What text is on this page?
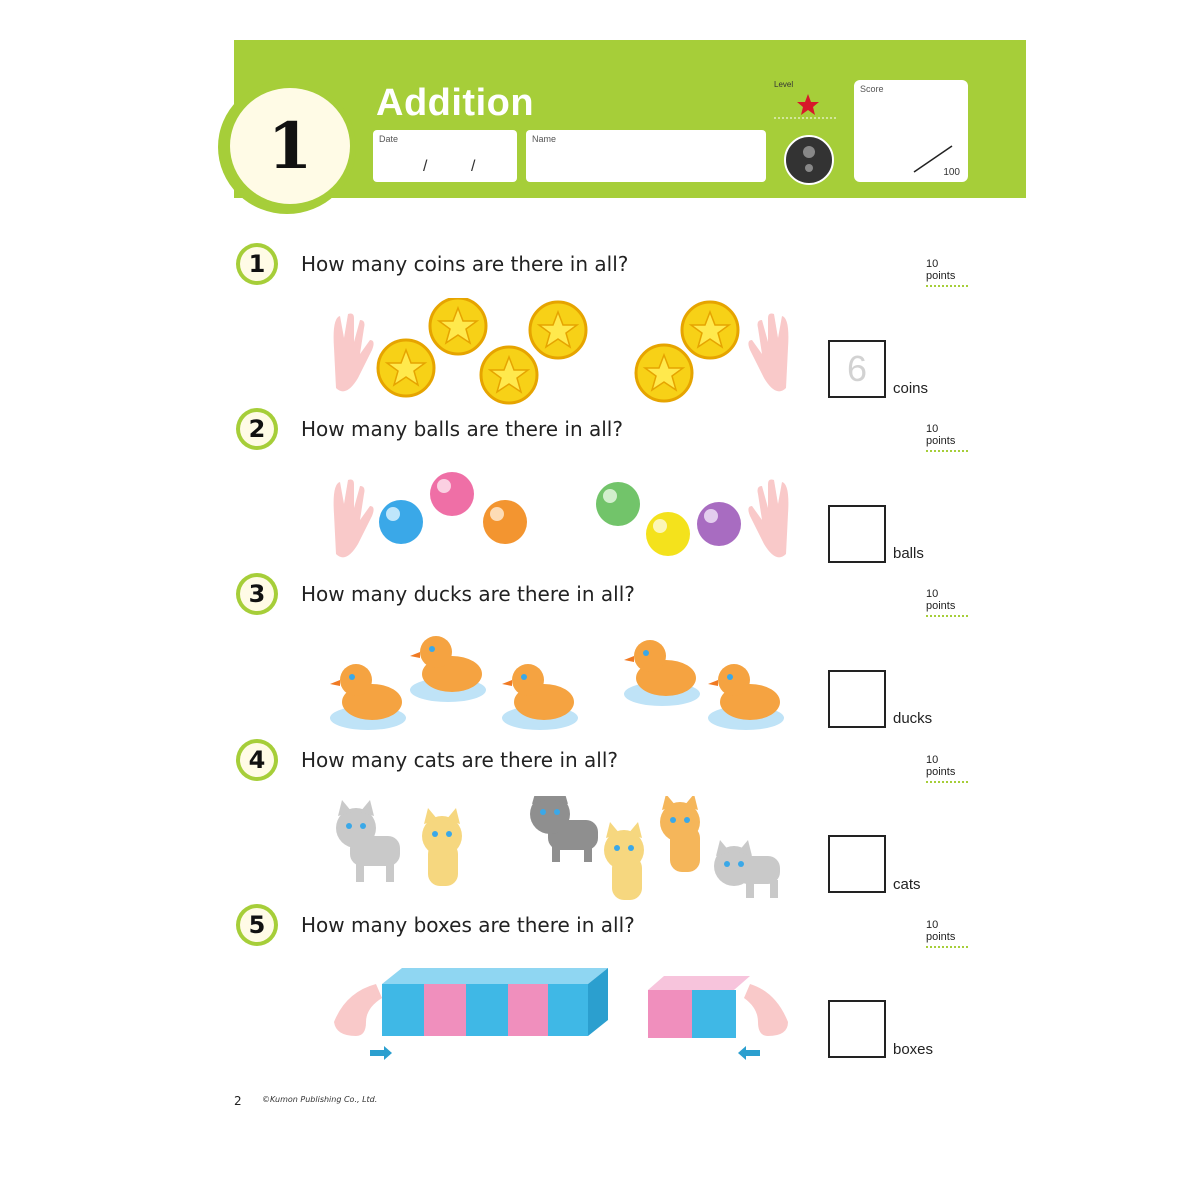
1
Addition
Date
/	/
Name
Level	Score
100
1	How many coins are there in all?	10 points
6	coins
2	How many balls are there in all?	10 points
balls
3	How many ducks are there in all?	10 points
ducks
4	How many cats are there in all?	10 points
cats
5	How many boxes are there in all?	10 points
boxes
2	©Kumon Publishing Co., Ltd.
